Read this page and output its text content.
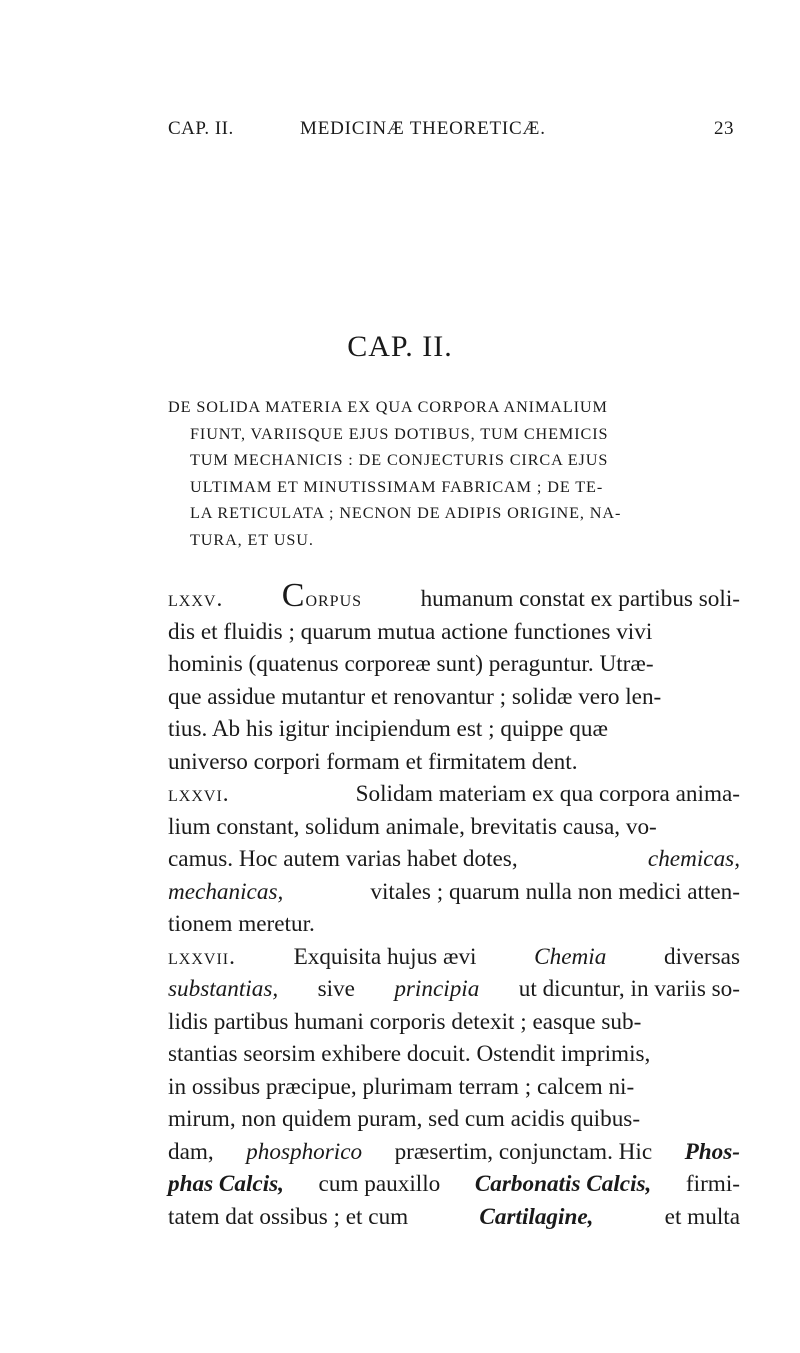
CAP. II.	MEDICINÆ THEORETICÆ.	23
CAP. II.
DE SOLIDA MATERIA EX QUA CORPORA ANIMALIUM
FIUNT, VARIISQUE EJUS DOTIBUS, TUM CHEMICIS
TUM MECHANICIS : DE CONJECTURIS CIRCA EJUS
ULTIMAM ET MINUTISSIMAM FABRICAM ; DE TE-
LA RETICULATA ; NECNON DE ADIPIS ORIGINE, NA-
TURA, ET USU.
lxxv. Corpus	humanum constat ex partibus soli-
dis et fluidis ; quarum mutua actione functiones vivi
hominis (quatenus corporeæ sunt) peraguntur. Utræ-
que assidue mutantur et renovantur ; solidæ vero len-
tius. Ab his igitur incipiendum est ; quippe quæ
universo corpori formam et firmitatem dent.
lxxvi.	Solidam materiam ex qua corpora anima-
lium constant, solidum animale, brevitatis causa, vo-
camus. Hoc autem varias habet dotes,	chemicas,
mechanicas,	vitales ; quarum nulla non medici atten-
tionem meretur.
lxxvii. Exquisita hujus ævi Chemia diversas
substantias, sive principia ut dicuntur, in variis so-
lidis partibus humani corporis detexit ; easque sub-
stantias seorsim exhibere docuit. Ostendit imprimis,
in ossibus præcipue, plurimam terram ; calcem ni-
mirum, non quidem puram, sed cum acidis quibus-
dam, phosphorico præsertim, conjunctam. Hic Phos-
phas Calcis, cum pauxillo Carbonatis Calcis, firmi-
tatem dat ossibus ; et cum	Cartilagine,	et multa
